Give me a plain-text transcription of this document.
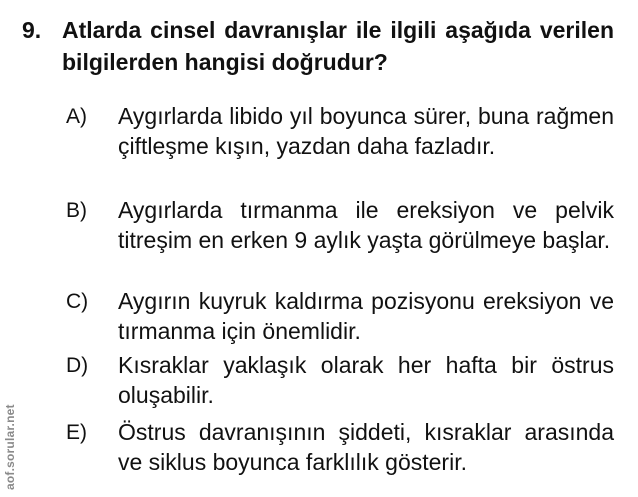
9. Atlarda cinsel davranışlar ile ilgili aşağıda verilen bilgilerden hangisi doğrudur?

A) Aygırlarda libido yıl boyunca sürer, buna rağmen çiftleşme kışın, yazdan daha fazladır.

B) Aygırlarda tırmanma ile ereksiyon ve pelvik titreşim en erken 9 aylık yaşta görülmeye başlar.

C) Aygırın kuyruk kaldırma pozisyonu ereksiyon ve tırmanma için önemlidir.

D) Kısraklar yaklaşık olarak her hafta bir östrus oluşabilir.

E) Östrus davranışının şiddeti, kısraklar arasında ve siklus boyunca farklılık gösterir.

aof.sorular.net
